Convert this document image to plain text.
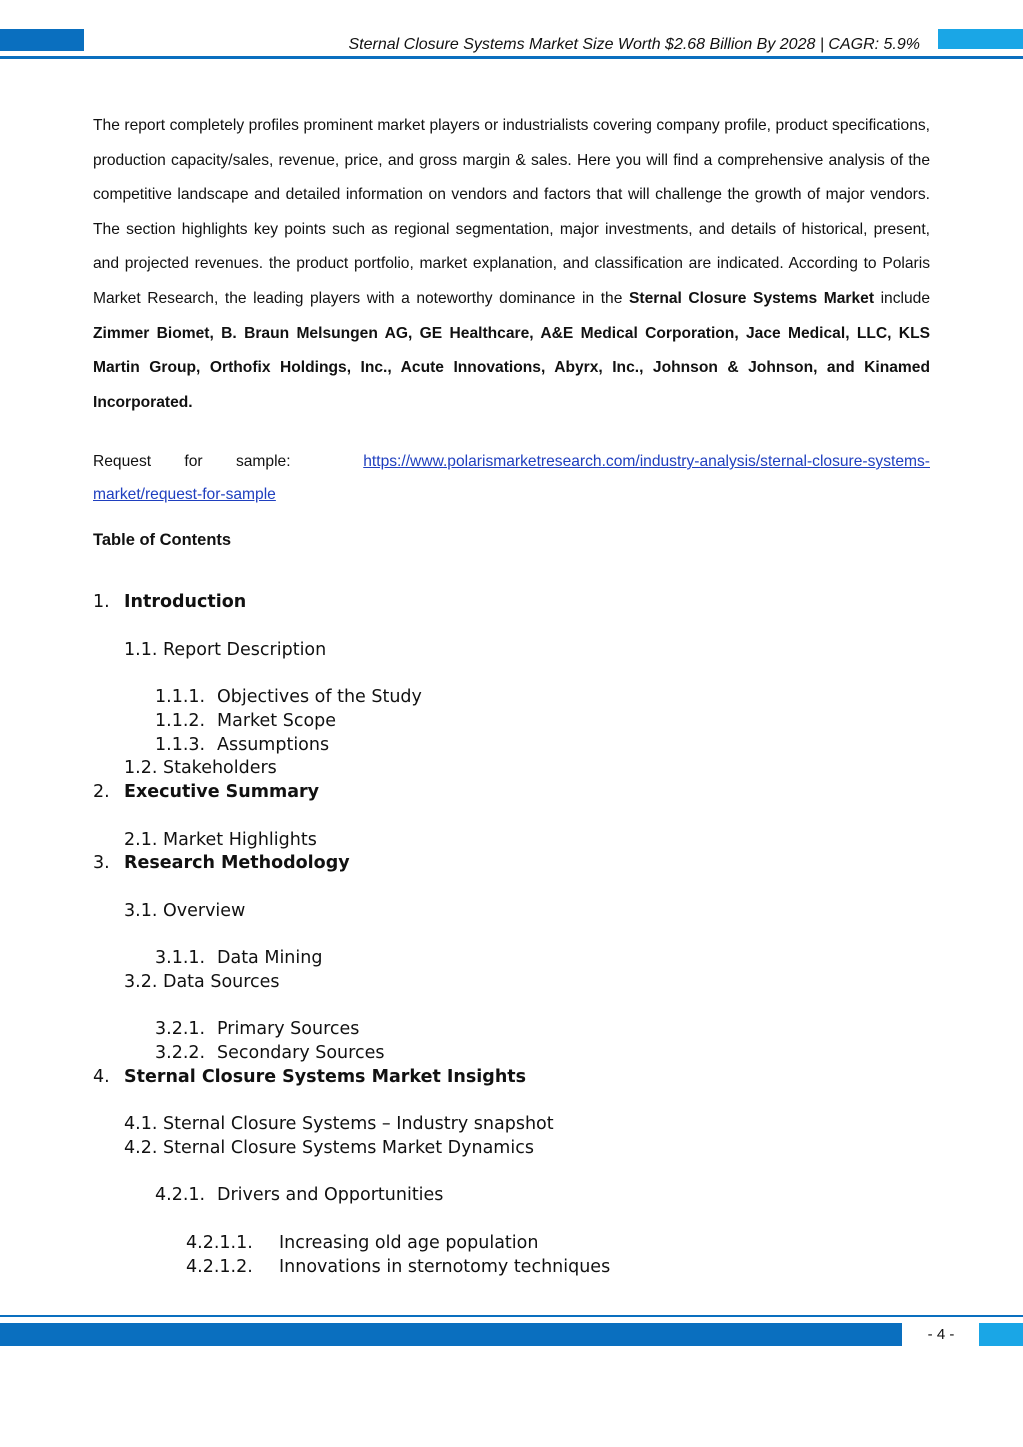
Sternal Closure Systems Market Size Worth $2.68 Billion By 2028 | CAGR: 5.9%

The report completely profiles prominent market players or industrialists covering company profile, product specifications, production capacity/sales, revenue, price, and gross margin & sales. Here you will find a comprehensive analysis of the competitive landscape and detailed information on vendors and factors that will challenge the growth of major vendors. The section highlights key points such as regional segmentation, major investments, and details of historical, present, and projected revenues. the product portfolio, market explanation, and classification are indicated. According to Polaris Market Research, the leading players with a noteworthy dominance in the Sternal Closure Systems Market include Zimmer Biomet, B. Braun Melsungen AG, GE Healthcare, A&E Medical Corporation, Jace Medical, LLC, KLS Martin Group, Orthofix Holdings, Inc., Acute Innovations, Abyrx, Inc., Johnson & Johnson, and Kinamed Incorporated.

Request for sample:	https://www.polarismarketresearch.com/industry-analysis/sternal-closure-systems-market/request-for-sample

Table of Contents

1. Introduction

1.1. Report Description

1.1.1. Objectives of the Study

1.1.2. Market Scope

1.1.3. Assumptions

1.2. Stakeholders

2. Executive Summary

2.1. Market Highlights

3. Research Methodology

3.1. Overview

3.1.1. Data Mining

3.2. Data Sources

3.2.1. Primary Sources

3.2.2. Secondary Sources

4. Sternal Closure Systems Market Insights

4.1. Sternal Closure Systems – Industry snapshot

4.2. Sternal Closure Systems Market Dynamics

4.2.1. Drivers and Opportunities

4.2.1.1. Increasing old age population

4.2.1.2. Innovations in sternotomy techniques

- 4 -
